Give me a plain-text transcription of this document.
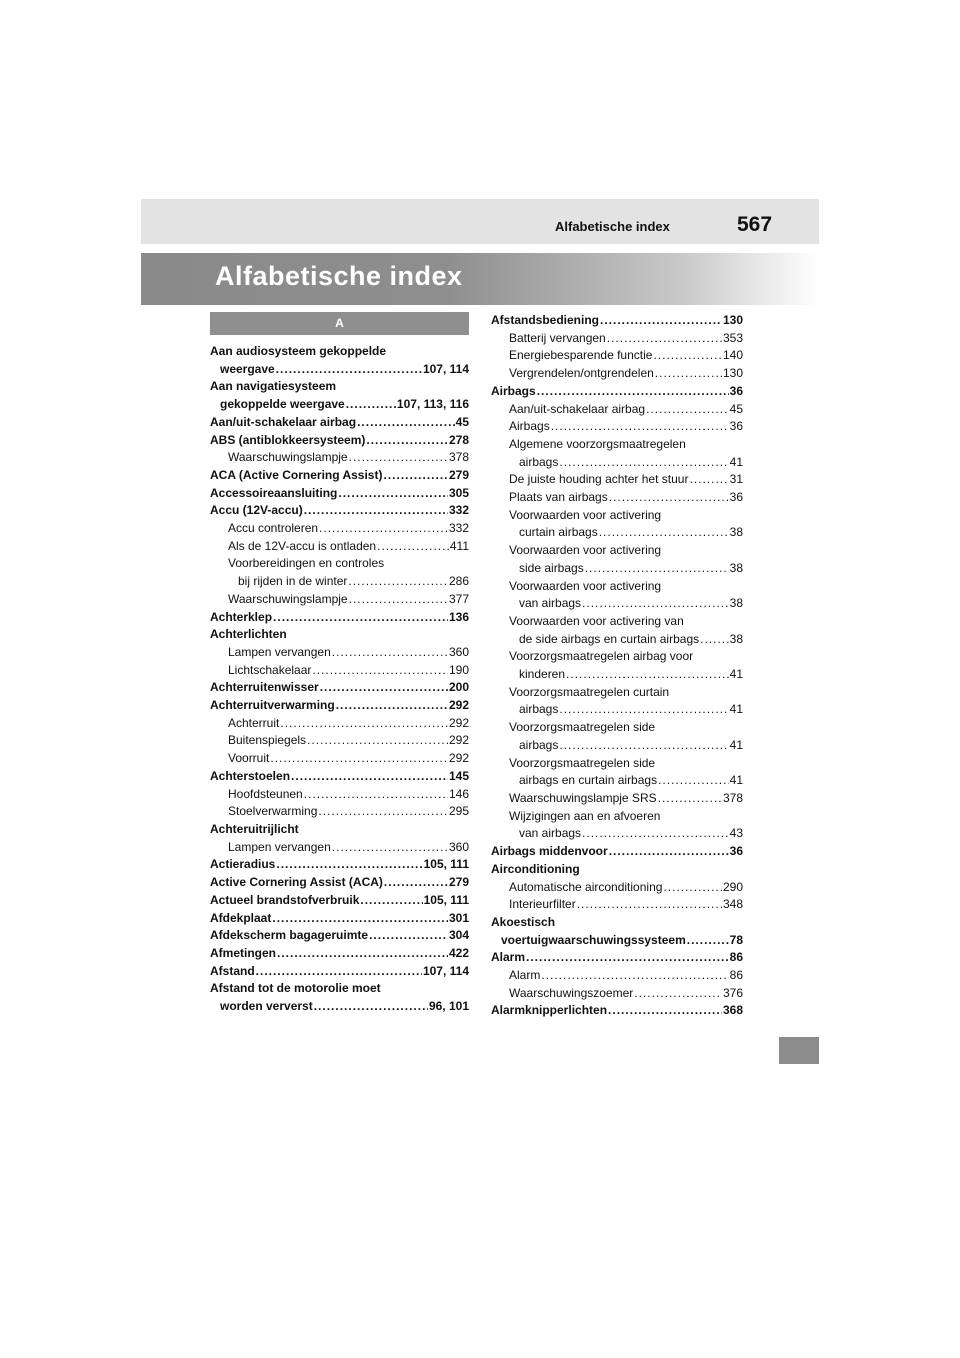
Alfabetische index	567
Alfabetische index
A
Aan audiosysteem gekoppelde
weergave .....	107, 114
Aan navigatiesysteem
gekoppelde weergave .....	107, 113, 116
Aan/uit-schakelaar airbag .....	45
ABS (antiblokkeersysteem) .....	278
Waarschuwingslampje .....	378
ACA (Active Cornering Assist) .....	279
Accessoireaansluiting .....	305
Accu (12V-accu) .....	332
Accu controleren .....	332
Als de 12V-accu is ontladen .....	411
Voorbereidingen en controles
bij rijden in de winter .....	286
Waarschuwingslampje .....	377
Achterklep .....	136
Achterlichten
Lampen vervangen .....	360
Lichtschakelaar .....	190
Achterruitenwisser .....	200
Achterruitverwarming .....	292
Achterruit .....	292
Buitenspiegels .....	292
Voorruit .....	292
Achterstoelen .....	145
Hoofdsteunen .....	146
Stoelverwarming .....	295
Achteruitrijlicht
Lampen vervangen .....	360
Actieradius .....	105, 111
Active Cornering Assist (ACA) .....	279
Actueel brandstofverbruik .....	105, 111
Afdekplaat .....	301
Afdekscherm bagageruimte .....	304
Afmetingen .....	422
Afstand .....	107, 114
Afstand tot de motorolie moet
worden ververst .....	96, 101
Afstandsbediening .....	130
Batterij vervangen .....	353
Energiebesparende functie .....	140
Vergrendelen/ontgrendelen .....	130
Airbags .....	36
Aan/uit-schakelaar airbag .....	45
Airbags .....	36
Algemene voorzorgsmaatregelen
airbags .....	41
De juiste houding achter het stuur .....	31
Plaats van airbags .....	36
Voorwaarden voor activering
curtain airbags .....	38
Voorwaarden voor activering
side airbags .....	38
Voorwaarden voor activering
van airbags .....	38
Voorwaarden voor activering van
de side airbags en curtain airbags .....	38
Voorzorgsmaatregelen airbag voor
kinderen .....	41
Voorzorgsmaatregelen curtain
airbags .....	41
Voorzorgsmaatregelen side
airbags .....	41
Voorzorgsmaatregelen side
airbags en curtain airbags .....	41
Waarschuwingslampje SRS .....	378
Wijzigingen aan en afvoeren
van airbags .....	43
Airbags middenvoor .....	36
Airconditioning
Automatische airconditioning .....	290
Interieurfilter .....	348
Akoestisch
voertuigwaarschuwingssysteem .....	78
Alarm .....	86
Alarm .....	86
Waarschuwingszoemer .....	376
Alarmknipperlichten .....	368
